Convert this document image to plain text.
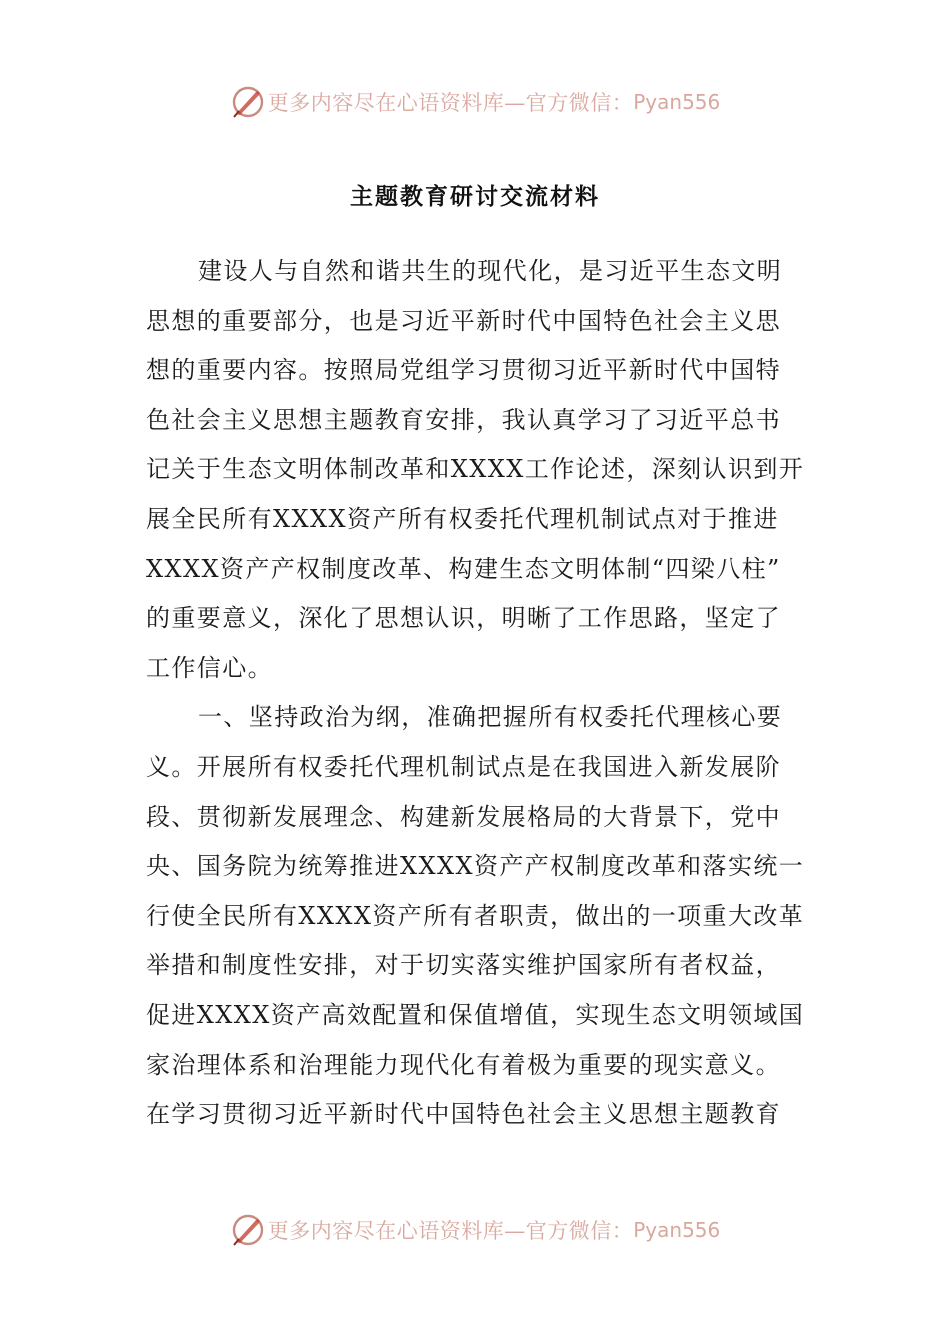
更多内容尽在心语资料库—官方微信： Pyan556
主题教育研讨交流材料
建设人与自然和谐共生的现代化，是习近平生态文明
思想的重要部分，也是习近平新时代中国特色社会主义思
想的重要内容。按照局党组学习贯彻习近平新时代中国特
色社会主义思想主题教育安排，我认真学习了习近平总书
记关于生态文明体制改革和XXXX工作论述，深刻认识到开
展全民所有XXXX资产所有权委托代理机制试点对于推进
XXXX资产产权制度改革、构建生态文明体制“四梁八柱”
的重要意义，深化了思想认识，明晰了工作思路，坚定了
工作信心。
一、坚持政治为纲，准确把握所有权委托代理核心要
义。开展所有权委托代理机制试点是在我国进入新发展阶
段、贯彻新发展理念、构建新发展格局的大背景下，党中
央、国务院为统筹推进XXXX资产产权制度改革和落实统一
行使全民所有XXXX资产所有者职责，做出的一项重大改革
举措和制度性安排，对于切实落实维护国家所有者权益，
促进XXXX资产高效配置和保值增值，实现生态文明领域国
家治理体系和治理能力现代化有着极为重要的现实意义。
在学习贯彻习近平新时代中国特色社会主义思想主题教育
更多内容尽在心语资料库—官方微信： Pyan556
